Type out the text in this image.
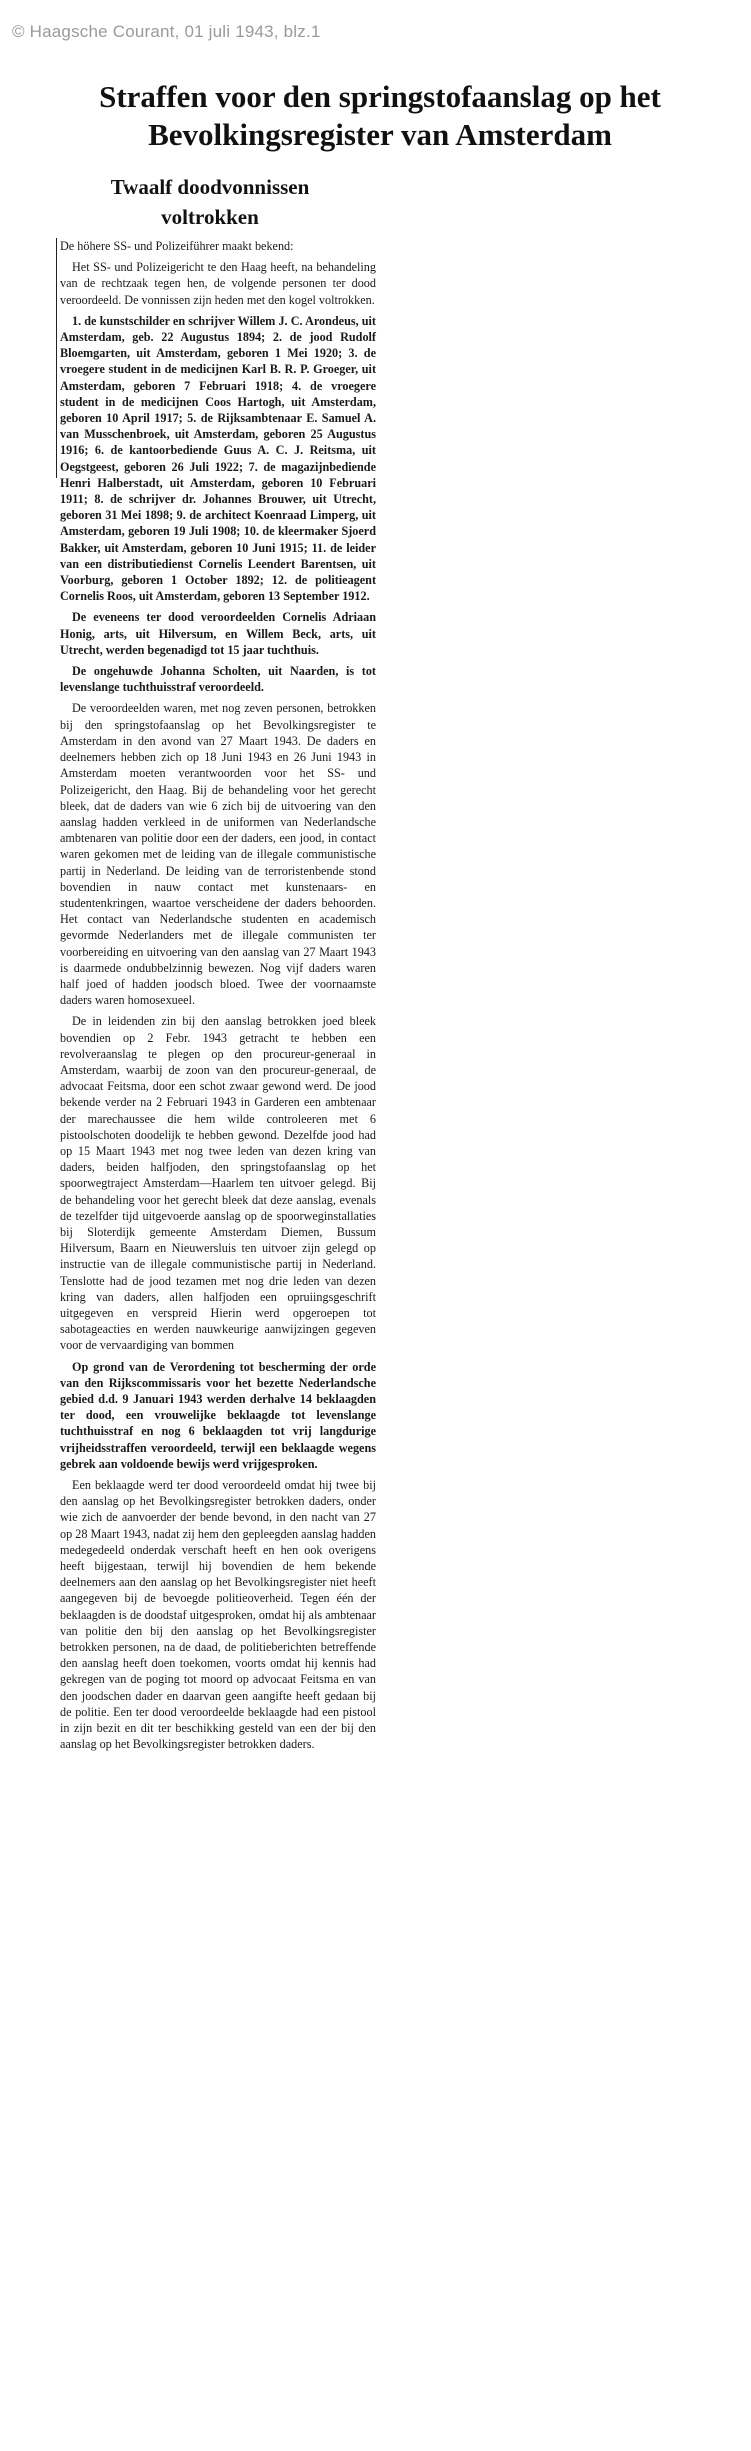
© Haagsche Courant, 01 juli 1943, blz.1
Straffen voor den springstofaanslag op het Bevolkingsregister van Amsterdam
Twaalf doodvonnissen voltrokken

De höhere SS- und Polizeiführer maakt bekend:

Het SS- und Polizeigericht te den Haag heeft, na behandeling van de rechtzaak tegen hen, de volgende personen ter dood veroordeeld. De vonnissen zijn heden met den kogel voltrokken.

1. de kunstschilder en schrijver Willem J. C. Arondeus, uit Amsterdam, geb. 22 Augustus 1894; 2. de jood Rudolf Bloemgarten, uit Amsterdam, geboren 1 Mei 1920; 3. de vroegere student in de medicijnen Karl B. R. P. Groeger, uit Amsterdam, geboren 7 Februari 1918; 4. de vroegere student in de medicijnen Coos Hartogh, uit Amsterdam, geboren 10 April 1917; 5. de Rijksambtenaar E. Samuel A. van Musschenbroek, uit Amsterdam, geboren 25 Augustus 1916; 6. de kantoorbediende Guus A. C. J. Reitsma, uit Oegstgeest, geboren 26 Juli 1922; 7. de magazijnbediende Henri Halberstadt, uit Amsterdam, geboren 10 Februari 1911; 8. de schrijver dr. Johannes Brouwer, uit Utrecht, geboren 31 Mei 1898; 9. de architect Koenraad Limperg, uit Amsterdam, geboren 19 Juli 1908; 10. de kleermaker Sjoerd Bakker, uit Amsterdam, geboren 10 Juni 1915; 11. de leider van een distributiedienst Cornelis Leendert Barentsen, uit Voorburg, geboren 1 October 1892; 12. de politieagent Cornelis Roos, uit Amsterdam, geboren 13 September 1912.

De eveneens ter dood veroordeelden Cornelis Adriaan Honig, arts, uit Hilversum, en Willem Beck, arts, uit Utrecht, werden begenadigd tot 15 jaar tuchthuis.

De ongehuwde Johanna Scholten, uit Naarden, is tot levenslange tuchthuisstraf veroordeeld.

De veroordeelden waren, met nog zeven personen, betrokken bij den springstofaanslag op het Bevolkingsregister te Amsterdam in den avond van 27 Maart 1943. De daders en deelnemers hebben zich op 18 Juni 1943 en 26 Juni 1943 in Amsterdam moeten verantwoorden voor het SS- und Polizeigericht, den Haag. Bij de behandeling voor het gerecht bleek, dat de daders van wie 6 zich bij de uitvoering van den aanslag hadden verkleed in de uniformen van Nederlandsche ambtenaren van politie door een der daders, een jood, in contact waren gekomen met de leiding van de illegale communistische partij in Nederland. De leiding van de terroristenbende stond bovendien in nauw contact met kunstenaars- en studentenkringen, waartoe verscheidene der daders behoorden. Het contact van Nederlandsche studenten en academisch gevormde Nederlanders met de illegale communisten ter voorbereiding en uitvoering van den aanslag van 27 Maart 1943 is daarmede ondubbelzinnig bewezen. Nog vijf daders waren half joed of hadden joodsch bloed. Twee der voornaamste daders waren homosexueel.

De in leidenden zin bij den aanslag betrokken joed bleek bovendien op 2 Febr. 1943 getracht te hebben een revolveraanslag te plegen op den procureur-generaal in Amsterdam, waarbij de zoon van den procureur-generaal, de advocaat Feitsma, door een schot zwaar gewond werd. De jood bekende verder na 2 Februari 1943 in Garderen een ambtenaar der marechaussee die hem wilde controleeren met 6 pistoolschoten doodelijk te hebben gewond. Dezelfde jood had op 15 Maart 1943 met nog twee leden van dezen kring van daders, beiden halfjoden, den springstofaanslag op het spoorwegtraject Amsterdam—Haarlem ten uitvoer gelegd. Bij de behandeling voor het gerecht bleek dat deze aanslag, evenals de tezelfder tijd uitgevoerde aanslag op de spoorweginstallaties bij Sloterdijk gemeente Amsterdam Diemen, Bussum Hilversum, Baarn en Nieuwersluis ten uitvoer zijn gelegd op instructie van de illegale communistische partij in Nederland. Tenslotte had de jood tezamen met nog drie leden van dezen kring van daders, allen halfjoden een opruiingsgeschrift uitgegeven en verspreid Hierin werd opgeroepen tot sabotageacties en werden nauwkeurige aanwijzingen gegeven voor de vervaardiging van bommen

Op grond van de Verordening tot bescherming der orde van den Rijkscommissaris voor het bezette Nederlandsche gebied d.d. 9 Januari 1943 werden derhalve 14 beklaagden ter dood, een vrouwelijke beklaagde tot levenslange tuchthuisstraf en nog 6 beklaagden tot vrij langdurige vrijheidsstraffen veroordeeld, terwijl een beklaagde wegens gebrek aan voldoende bewijs werd vrijgesproken.

Een beklaagde werd ter dood veroordeeld omdat hij twee bij den aanslag op het Bevolkingsregister betrokken daders, onder wie zich de aanvoerder der bende bevond, in den nacht van 27 op 28 Maart 1943, nadat zij hem den gepleegden aanslag hadden medegedeeld onderdak verschaft heeft en hen ook overigens heeft bijgestaan, terwijl hij bovendien de hem bekende deelnemers aan den aanslag op het Bevolkingsregister niet heeft aangegeven bij de bevoegde politieoverheid. Tegen één der beklaagden is de doodstaf uitgesproken, omdat hij als ambtenaar van politie den bij den aanslag op het Bevolkingsregister betrokken personen, na de daad, de politieberichten betreffende den aanslag heeft doen toekomen, voorts omdat hij kennis had gekregen van de poging tot moord op advocaat Feitsma en van den joodschen dader en daarvan geen aangifte heeft gedaan bij de politie. Een ter dood veroordeelde beklaagde had een pistool in zijn bezit en dit ter beschikking gesteld van een der bij den aanslag op het Bevolkingsregister betrokken daders.
